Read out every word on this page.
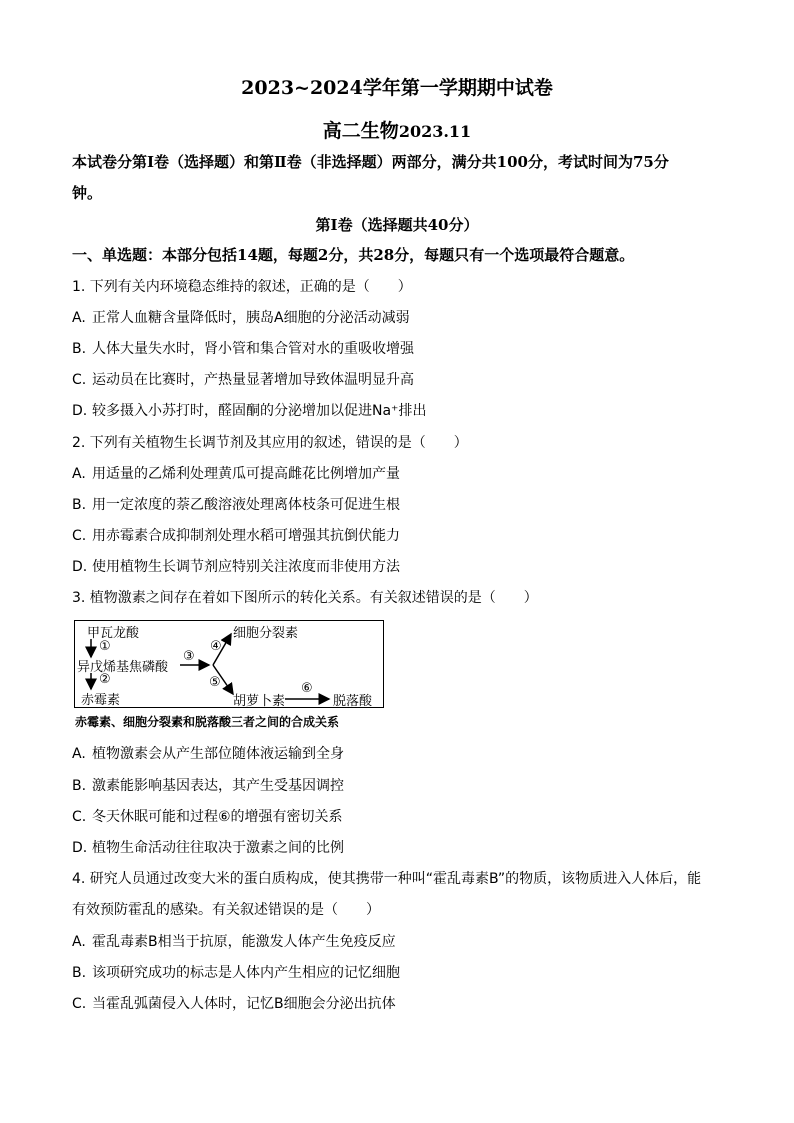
2023~2024学年第一学期期中试卷
高二生物2023.11
本试卷分第Ⅰ卷（选择题）和第Ⅱ卷（非选择题）两部分，满分共100分，考试时间为75分
钟。
第Ⅰ卷（选择题共40分）
一、单选题：本部分包括14题，每题2分，共28分，每题只有一个选项最符合题意。
1. 下列有关内环境稳态维持的叙述，正确的是（　　）
A. 正常人血糖含量降低时，胰岛A细胞的分泌活动减弱
B. 人体大量失水时，肾小管和集合管对水的重吸收增强
C. 运动员在比赛时，产热量显著增加导致体温明显升高
D. 较多摄入小苏打时，醛固酮的分泌增加以促进Na⁺排出
2. 下列有关植物生长调节剂及其应用的叙述，错误的是（　　）
A. 用适量的乙烯利处理黄瓜可提高雌花比例增加产量
B. 用一定浓度的萘乙酸溶液处理离体枝条可促进生根
C. 用赤霉素合成抑制剂处理水稻可增强其抗倒伏能力
D. 使用植物生长调节剂应特别关注浓度而非使用方法
3. 植物激素之间存在着如下图所示的转化关系。有关叙述错误的是（　　）
甲瓦龙酸
①
异戊烯基焦磷酸
②
赤霉素
③
④
⑤
细胞分裂素
胡萝卜素
⑥
脱落酸
赤霉素、细胞分裂素和脱落酸三者之间的合成关系
A. 植物激素会从产生部位随体液运输到全身
B. 激素能影响基因表达，其产生受基因调控
C. 冬天休眠可能和过程⑥的增强有密切关系
D. 植物生命活动往往取决于激素之间的比例
4. 研究人员通过改变大米的蛋白质构成，使其携带一种叫“霍乱毒素B”的物质，该物质进入人体后，能
有效预防霍乱的感染。有关叙述错误的是（　　）
A. 霍乱毒素B相当于抗原，能激发人体产生免疫反应
B. 该项研究成功的标志是人体内产生相应的记忆细胞
C. 当霍乱弧菌侵入人体时，记忆B细胞会分泌出抗体
